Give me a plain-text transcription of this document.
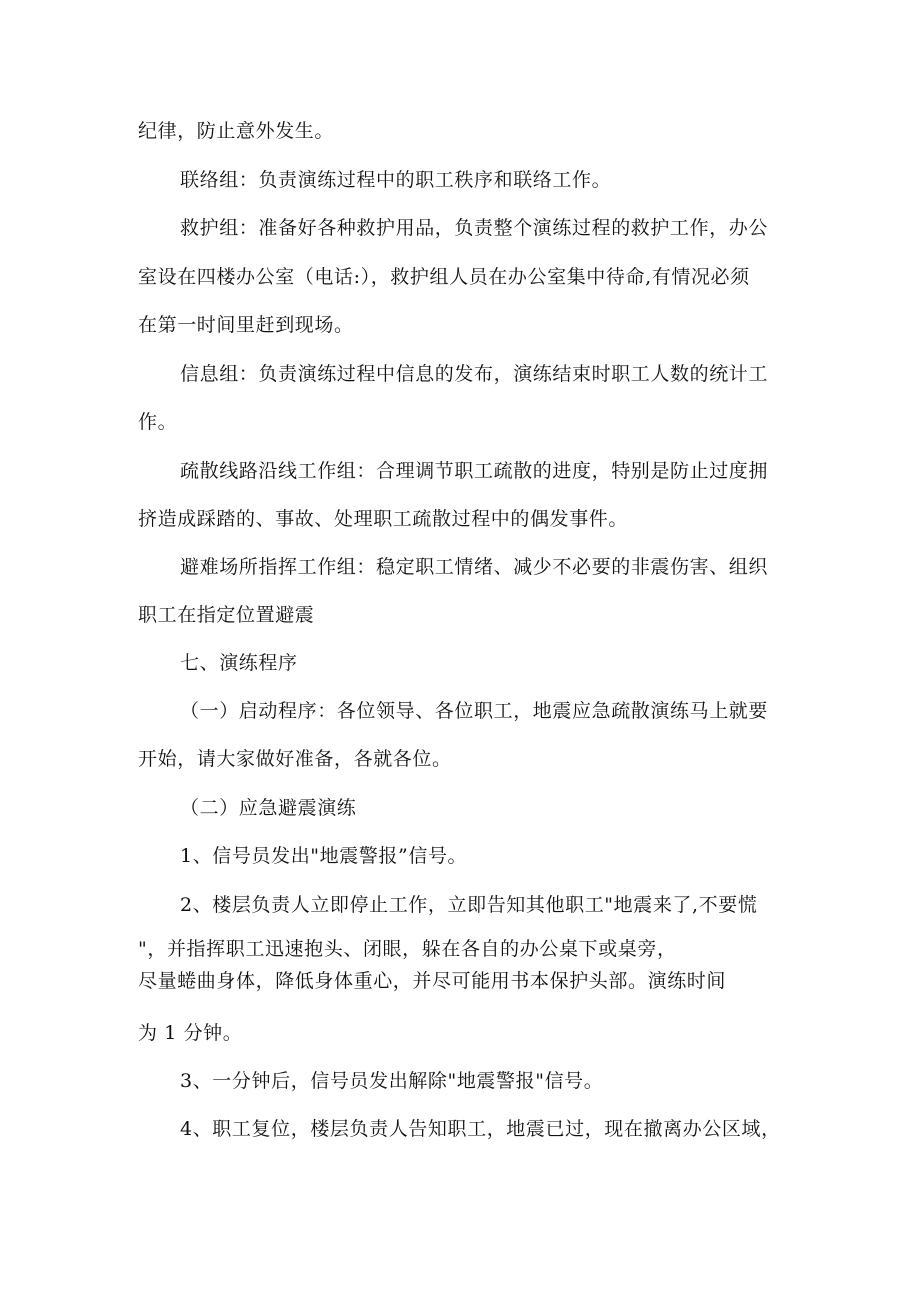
纪律，防止意外发生。
联络组：负责演练过程中的职工秩序和联络工作。
救护组：准备好各种救护用品，负责整个演练过程的救护工作，办公
室设在四楼办公室（电话:），救护组人员在办公室集中待命,有情况必须
在第一时间里赶到现场。
信息组：负责演练过程中信息的发布，演练结束时职工人数的统计工
作。
疏散线路沿线工作组：合理调节职工疏散的进度，特别是防止过度拥
挤造成踩踏的、事故、处理职工疏散过程中的偶发事件。
避难场所指挥工作组：稳定职工情绪、减少不必要的非震伤害、组织
职工在指定位置避震
七、演练程序
（一）启动程序：各位领导、各位职工，地震应急疏散演练马上就要
开始，请大家做好准备，各就各位。
（二）应急避震演练
1、信号员发出"地震警报”信号。
2、楼层负责人立即停止工作，立即告知其他职工"地震来了,不要慌
"，并指挥职工迅速抱头、闭眼，躲在各自的办公桌下或桌旁，
尽量蜷曲身体，降低身体重心，并尽可能用书本保护头部。演练时间
为 1 分钟。
3、一分钟后，信号员发出解除"地震警报"信号。
4、职工复位，楼层负责人告知职工，地震已过，现在撤离办公区域，
